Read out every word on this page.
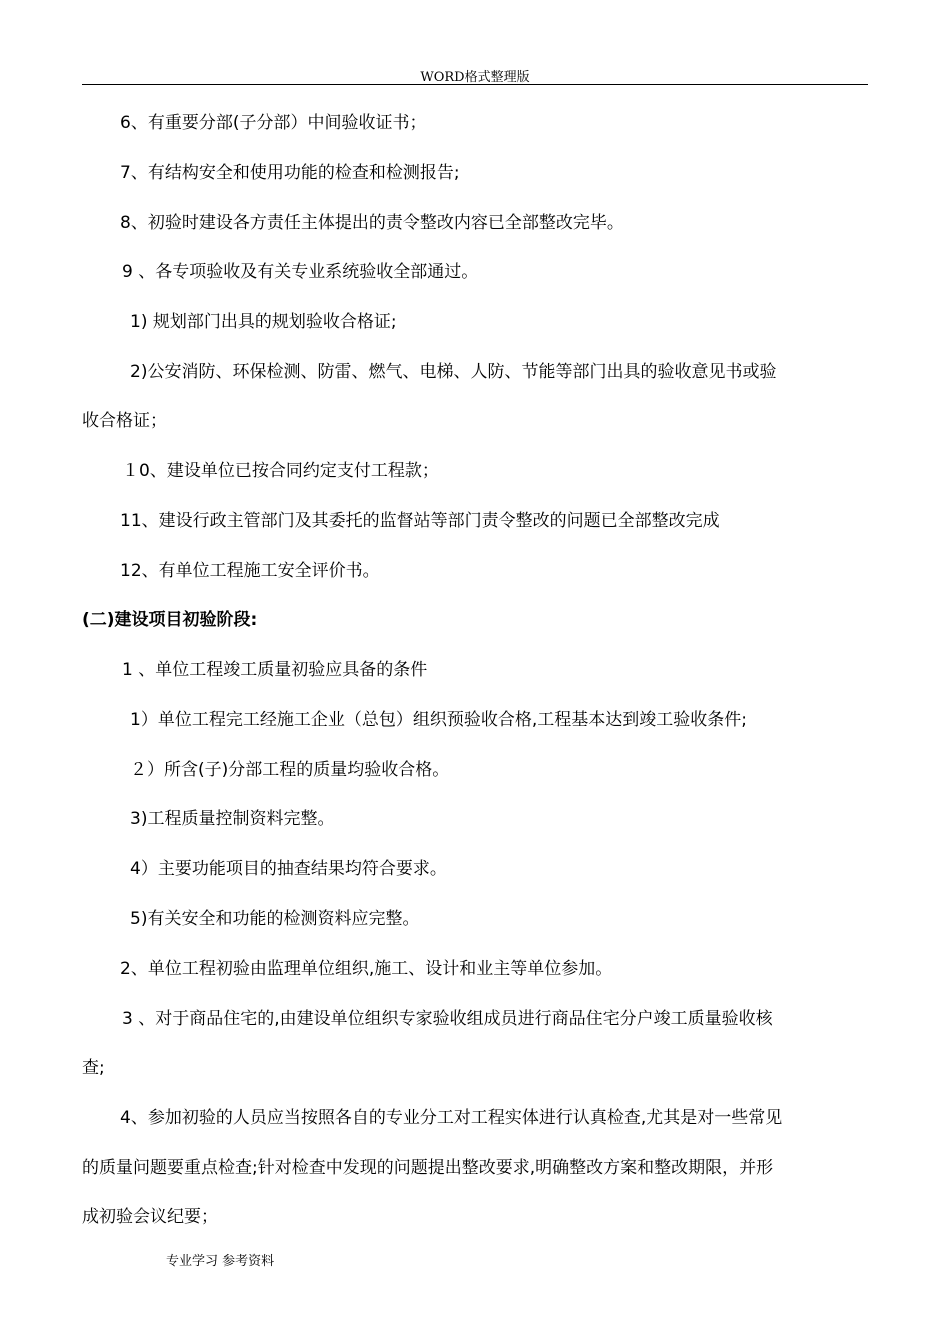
WORD格式整理版
6、有重要分部(子分部）中间验收证书；
7、有结构安全和使用功能的检查和检测报告;
8、初验时建设各方责任主体提出的责令整改内容已全部整改完毕。
9 、各专项验收及有关专业系统验收全部通过。
1) 规划部门出具的规划验收合格证;
2)公安消防、环保检测、防雷、燃气、电梯、人防、节能等部门出具的验收意见书或验
收合格证；
１0、建设单位已按合同约定支付工程款；
11、建设行政主管部门及其委托的监督站等部门责令整改的问题已全部整改完成
12、有单位工程施工安全评价书。
(二)建设项目初验阶段:
1 、单位工程竣工质量初验应具备的条件
1）单位工程完工经施工企业（总包）组织预验收合格,工程基本达到竣工验收条件;
２）所含(子)分部工程的质量均验收合格。
3)工程质量控制资料完整。
4）主要功能项目的抽查结果均符合要求。
5)有关安全和功能的检测资料应完整。
2、单位工程初验由监理单位组织,施工、设计和业主等单位参加。
3 、对于商品住宅的,由建设单位组织专家验收组成员进行商品住宅分户竣工质量验收核
查;
4、参加初验的人员应当按照各自的专业分工对工程实体进行认真检查,尤其是对一些常见
的质量问题要重点检查;针对检查中发现的问题提出整改要求,明确整改方案和整改期限，并形
成初验会议纪要；
专业学习 参考资料
